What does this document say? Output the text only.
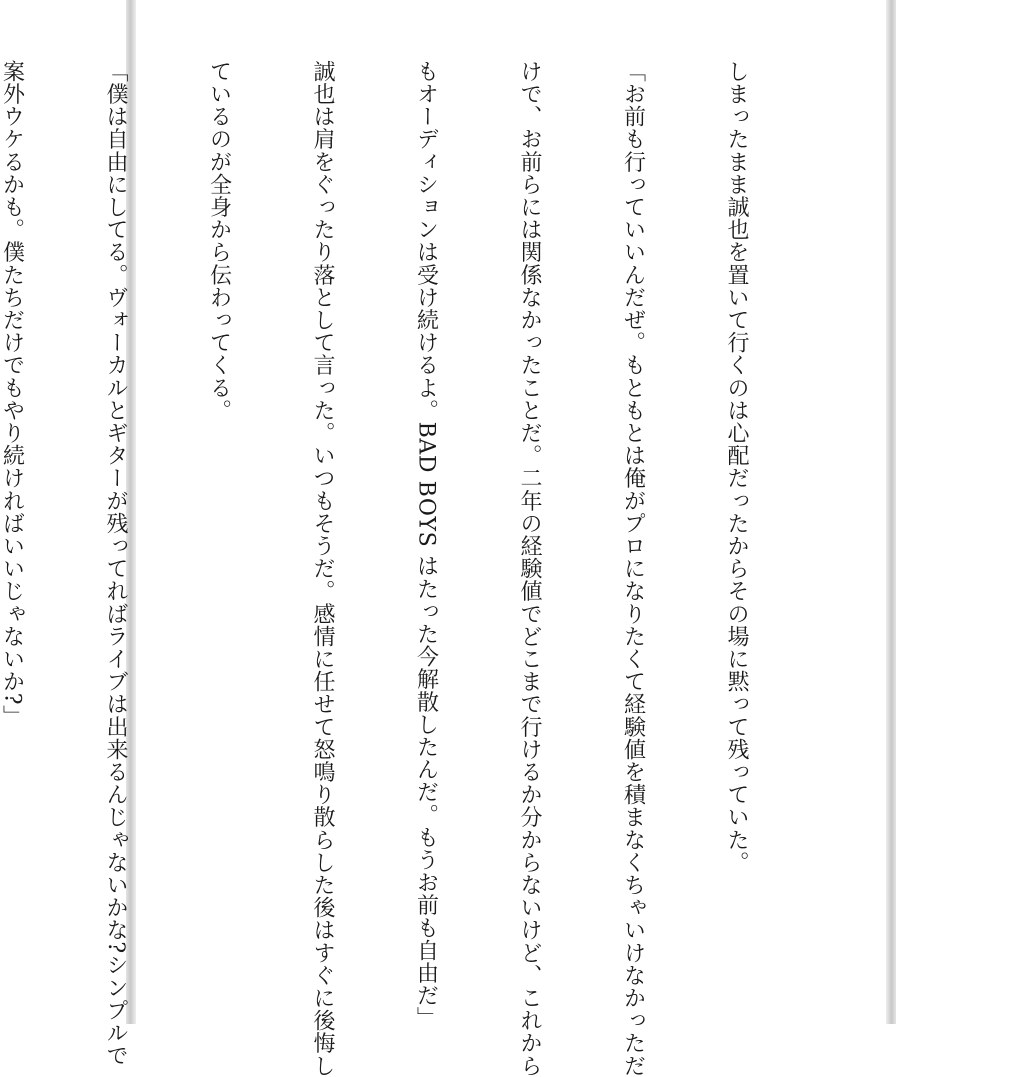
しまったまま誠也を置いて行くのは心配だったからその場に黙って残っていた。

「お前も行っていいんだぜ。もともとは俺がプロになりたくて経験値を積まなくちゃいけなかっただ

けで、お前らには関係なかったことだ。二年の経験値でどこまで行けるか分からないけど、これから

もオーディションは受け続けるよ。BAD BOYS はたった今解散したんだ。もうお前も自由だ」

誠也は肩をぐったり落として言った。いつもそうだ。感情に任せて怒鳴り散らした後はすぐに後悔し

ているのが全身から伝わってくる。

「僕は自由にしてる。ヴォーカルとギターが残ってればライブは出来るんじゃないかな?シンプルで

案外ウケるかも。僕たちだけでもやり続ければいいじゃないか?」
